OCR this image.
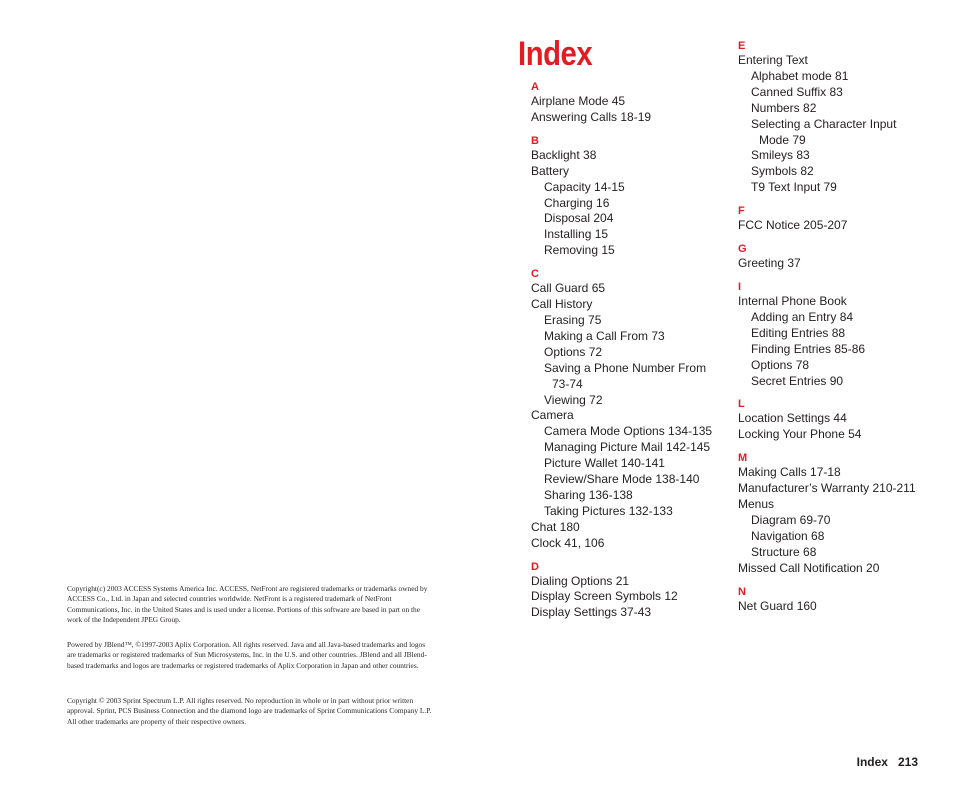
Copyright(c) 2003 ACCESS Systems America Inc. ACCESS, NetFront are registered trademarks or trademarks owned by ACCESS Co., Ltd. in Japan and selected countries worldwide. NetFront is a registered trademark of NetFront Communications, Inc. in the United States and is used under a license. Portions of this software are based in part on the work of the Independent JPEG Group.

Powered by JBlend™, ©1997-2003 Aplix Corporation. All rights reserved. Java and all Java-based trademarks and logos are trademarks or registered trademarks of Sun Microsystems, Inc. in the U.S. and other countries. JBlend and all JBlend-based trademarks and logos are trademarks or registered trademarks of Aplix Corporation in Japan and other countries.

Copyright © 2003 Sprint Spectrum L.P. All rights reserved. No reproduction in whole or in part without prior written approval. Sprint, PCS Business Connection and the diamond logo are trademarks of Sprint Communications Company L.P. All other trademarks are property of their respective owners.

Index
A
Airplane Mode 45
Answering Calls 18-19
B
Backlight 38
Battery
Capacity 14-15
Charging 16
Disposal 204
Installing 15
Removing 15
C
Call Guard 65
Call History
Erasing 75
Making a Call From 73
Options 72
Saving a Phone Number From
73-74
Viewing 72
Camera
Camera Mode Options 134-135
Managing Picture Mail 142-145
Picture Wallet 140-141
Review/Share Mode 138-140
Sharing 136-138
Taking Pictures 132-133
Chat 180
Clock 41, 106
D
Dialing Options 21
Display Screen Symbols 12
Display Settings 37-43
E
Entering Text
Alphabet mode 81
Canned Suffix 83
Numbers 82
Selecting a Character Input
Mode 79
Smileys 83
Symbols 82
T9 Text Input 79
F
FCC Notice 205-207
G
Greeting 37
I
Internal Phone Book
Adding an Entry 84
Editing Entries 88
Finding Entries 85-86
Options 78
Secret Entries 90
L
Location Settings 44
Locking Your Phone 54
M
Making Calls 17-18
Manufacturer’s Warranty 210-211
Menus
Diagram 69-70
Navigation 68
Structure 68
Missed Call Notification 20
N
Net Guard 160
Index 213
